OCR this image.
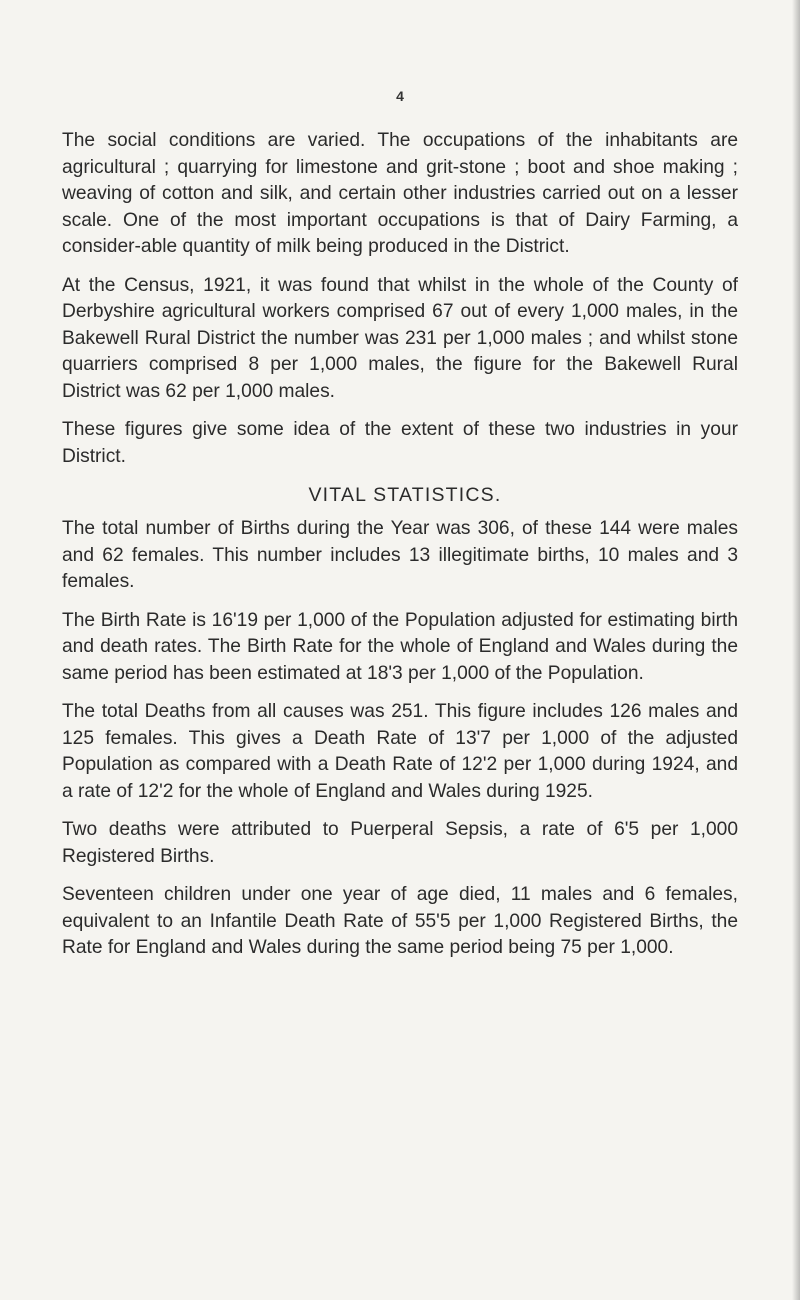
4

The social conditions are varied. The occupations of the inhabitants are agricultural ; quarrying for limestone and grit-stone ; boot and shoe making ; weaving of cotton and silk, and certain other industries carried out on a lesser scale. One of the most important occupations is that of Dairy Farming, a consider-able quantity of milk being produced in the District.

At the Census, 1921, it was found that whilst in the whole of the County of Derbyshire agricultural workers comprised 67 out of every 1,000 males, in the Bakewell Rural District the number was 231 per 1,000 males ; and whilst stone quarriers comprised 8 per 1,000 males, the figure for the Bakewell Rural District was 62 per 1,000 males.

These figures give some idea of the extent of these two industries in your District.

VITAL STATISTICS.

The total number of Births during the Year was 306, of these 144 were males and 62 females. This number includes 13 illegitimate births, 10 males and 3 females.

The Birth Rate is 16'19 per 1,000 of the Population adjusted for estimating birth and death rates. The Birth Rate for the whole of England and Wales during the same period has been estimated at 18'3 per 1,000 of the Population.

The total Deaths from all causes was 251. This figure includes 126 males and 125 females. This gives a Death Rate of 13'7 per 1,000 of the adjusted Population as compared with a Death Rate of 12'2 per 1,000 during 1924, and a rate of 12'2 for the whole of England and Wales during 1925.

Two deaths were attributed to Puerperal Sepsis, a rate of 6'5 per 1,000 Registered Births.

Seventeen children under one year of age died, 11 males and 6 females, equivalent to an Infantile Death Rate of 55'5 per 1,000 Registered Births, the Rate for England and Wales during the same period being 75 per 1,000.
